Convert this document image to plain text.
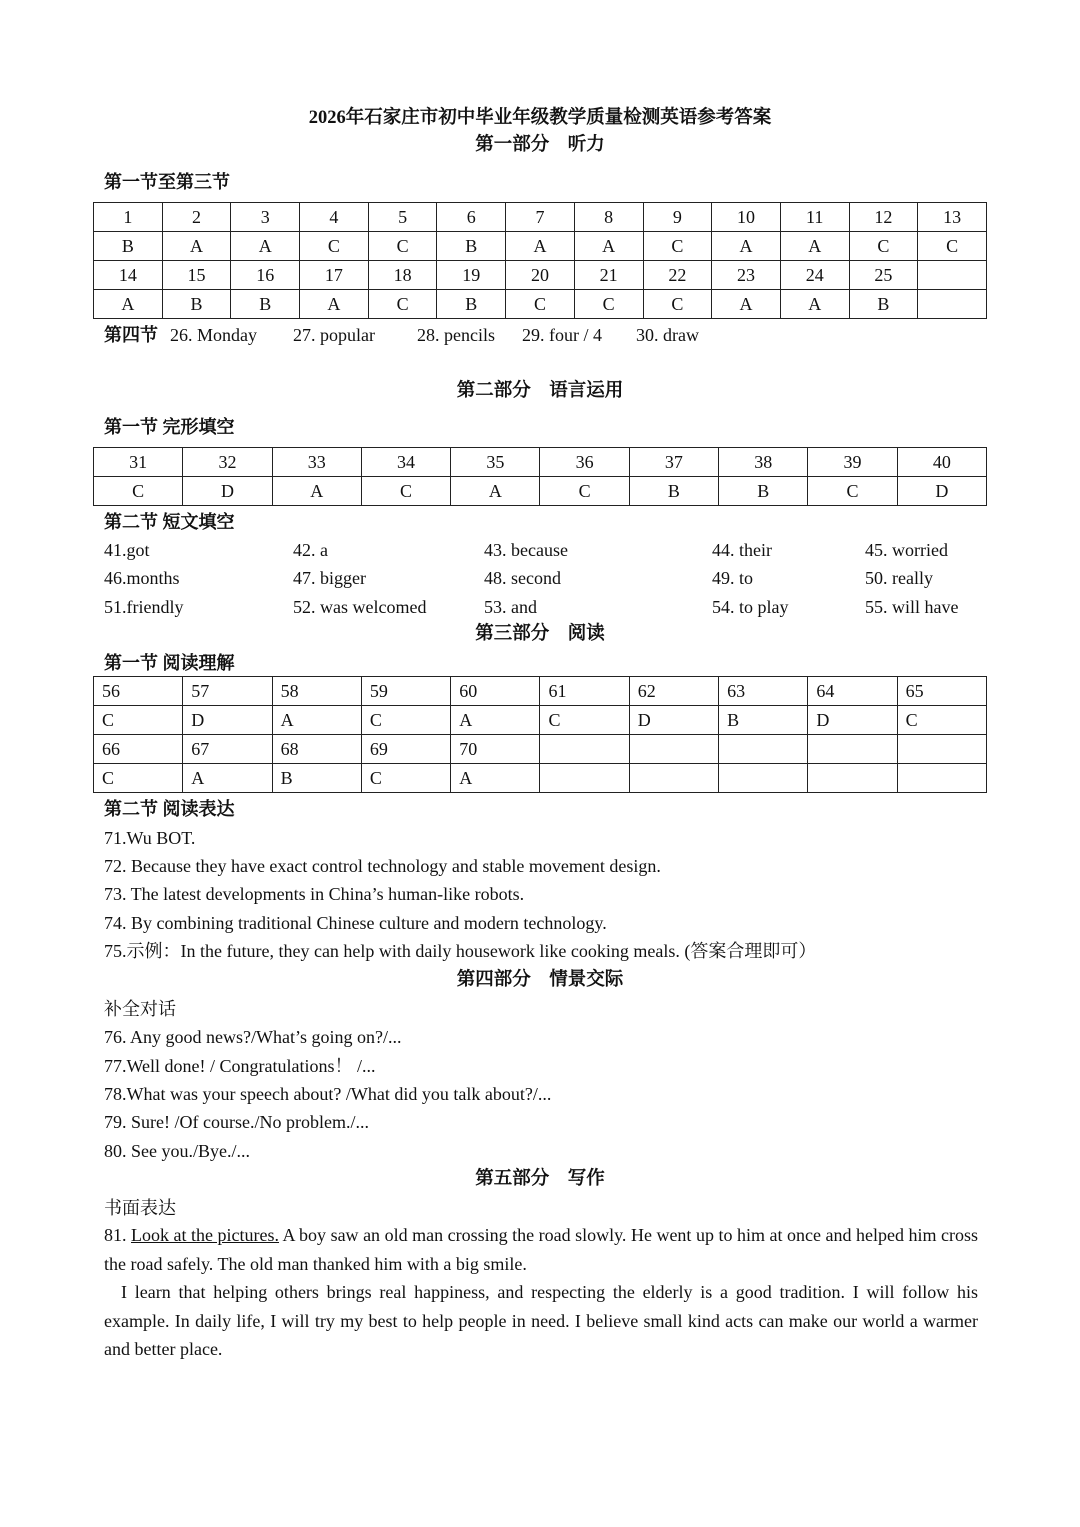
2026年石家庄市初中毕业年级教学质量检测英语参考答案
第一部分　听力
第一节至第三节
1	2	3	4	5	6	7	8	9	10	11	12	13
B	A	A	C	C	B	A	A	C	A	A	C	C
14	15	16	17	18	19	20	21	22	23	24	25	
A	B	B	A	C	B	C	C	C	A	A	B	
第四节 26. Monday 27. popular 28. pencils 29. four / 4 30. draw
第二部分　语言运用
第一节 完形填空
31	32	33	34	35	36	37	38	39	40
C	D	A	C	A	C	B	B	C	D
第二节 短文填空
41.got	42. a	43. because	44. their	45. worried
46.months	47. bigger	48. second	49. to	50. really
51.friendly	52. was welcomed	53. and	54. to play	55. will have
第三部分　阅读
第一节 阅读理解
56	57	58	59	60	61	62	63	64	65
C	D	A	C	A	C	D	B	D	C
66	67	68	69	70					
C	A	B	C	A					
第二节 阅读表达
71.Wu BOT.
72. Because they have exact control technology and stable movement design.
73. The latest developments in China’s human-like robots.
74. By combining traditional Chinese culture and modern technology.
75.示例：In the future, they can help with daily housework like cooking meals. (答案合理即可）
第四部分　情景交际
补全对话
76. Any good news?/What’s going on?/...
77.Well done! / Congratulations！ /...
78.What was your speech about? /What did you talk about?/...
79. Sure! /Of course./No problem./...
80. See you./Bye./...
第五部分　写作
书面表达
81. Look at the pictures. A boy saw an old man crossing the road slowly. He went up to him at once and helped him cross the road safely. The old man thanked him with a big smile.
I learn that helping others brings real happiness, and respecting the elderly is a good tradition. I will follow his example. In daily life, I will try my best to help people in need. I believe small kind acts can make our world a warmer and better place.
